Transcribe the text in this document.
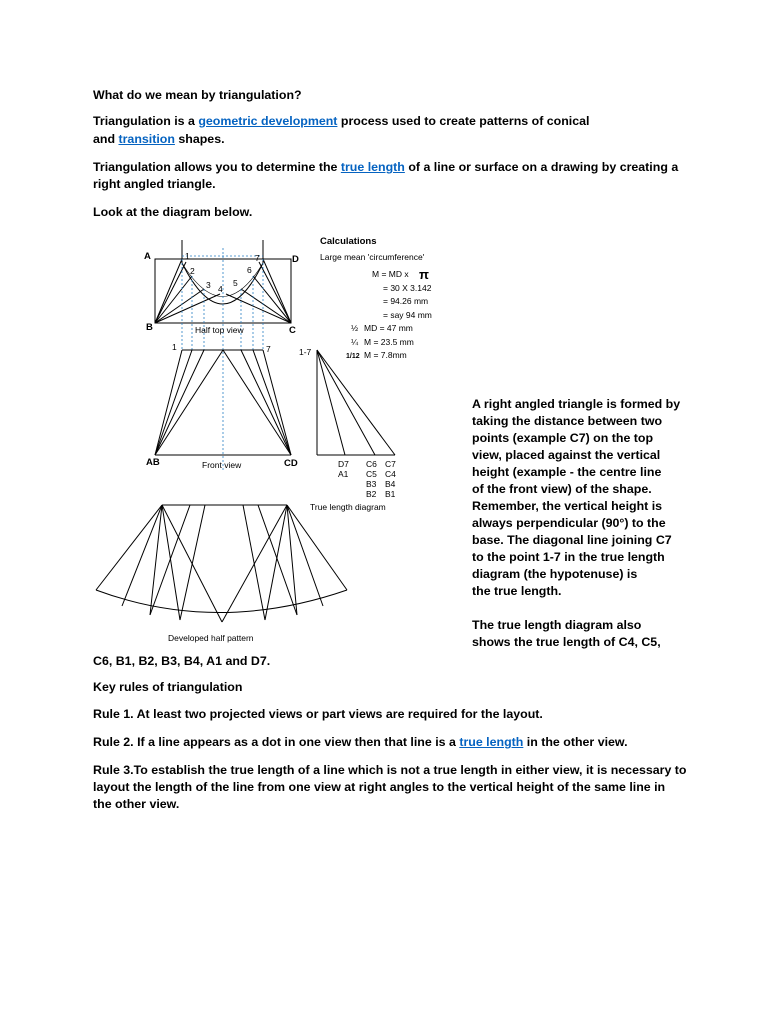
What do we mean by triangulation?
Triangulation is a geometric development process used to create patterns of conical
and transition shapes.
Triangulation allows you to determine the true length of a line or surface on a drawing by creating a
right angled triangle.
Look at the diagram below.
A	D
B	C
1
2
3 4
5
6
7
Half top view
1	7	1-7
AB	Front view	CD	D7
A1
C6
C5
B3
B2
C7
C4
B4
B1
True length diagram
Developed half pattern
Calculations
Large mean 'circumference'
M = MD x π
= 30 X 3.142
= 94.26 mm
= say 94 mm
½ MD = 47 mm
¼ M = 23.5 mm
1/12 M = 7.8mm
A right angled triangle is formed by
taking the distance between two
points (example C7) on the top
view, placed against the vertical
height (example - the centre line
of the front view) of the shape.
Remember, the vertical height is
always perpendicular (90°) to the
base. The diagonal line joining C7
to the point 1-7 in the true length
diagram (the hypotenuse) is
the true length.
The true length diagram also
shows the true length of C4, C5,
C6, B1, B2, B3, B4, A1 and D7.
Key rules of triangulation
Rule 1. At least two projected views or part views are required for the layout.
Rule 2. If a line appears as a dot in one view then that line is a true length in the other view.
Rule 3.To establish the true length of a line which is not a true length in either view, it is necessary to
layout the length of the line from one view at right angles to the vertical height of the same line in
the other view.
